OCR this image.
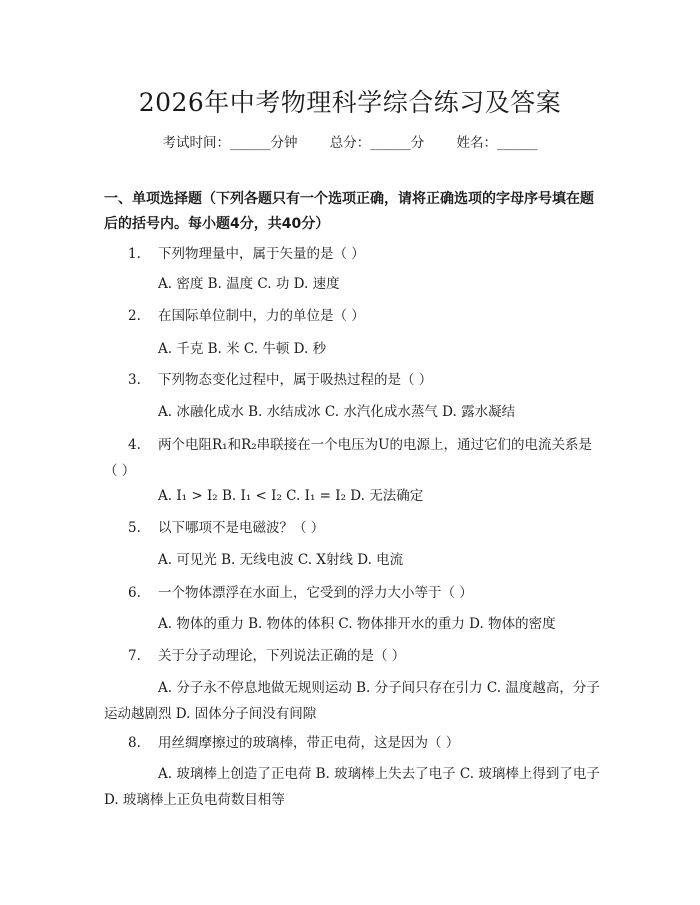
2026年中考物理科学综合练习及答案
考试时间：______分钟 总分：______分 姓名：______
一、单项选择题（下列各题只有一个选项正确，请将正确选项的字母序号填在题后的括号内。每小题4分，共40分）
1. 下列物理量中，属于矢量的是（ ）
A. 密度 B. 温度 C. 功 D. 速度
2. 在国际单位制中，力的单位是（ ）
A. 千克 B. 米 C. 牛顿 D. 秒
3. 下列物态变化过程中，属于吸热过程的是（ ）
A. 冰融化成水 B. 水结成冰 C. 水汽化成水蒸气 D. 露水凝结
4. 两个电阻R₁和R₂串联接在一个电压为U的电源上，通过它们的电流关系是（ ）
A. I₁ > I₂ B. I₁ < I₂ C. I₁ = I₂ D. 无法确定
5. 以下哪项不是电磁波？（ ）
A. 可见光 B. 无线电波 C. X射线 D. 电流
6. 一个物体漂浮在水面上，它受到的浮力大小等于（ ）
A. 物体的重力 B. 物体的体积 C. 物体排开水的重力 D. 物体的密度
7. 关于分子动理论，下列说法正确的是（ ）
A. 分子永不停息地做无规则运动 B. 分子间只存在引力 C. 温度越高，分子运动越剧烈 D. 固体分子间没有间隙
8. 用丝绸摩擦过的玻璃棒，带正电荷，这是因为（ ）
A. 玻璃棒上创造了正电荷 B. 玻璃棒上失去了电子 C. 玻璃棒上得到了电子 D. 玻璃棒上正负电荷数目相等
